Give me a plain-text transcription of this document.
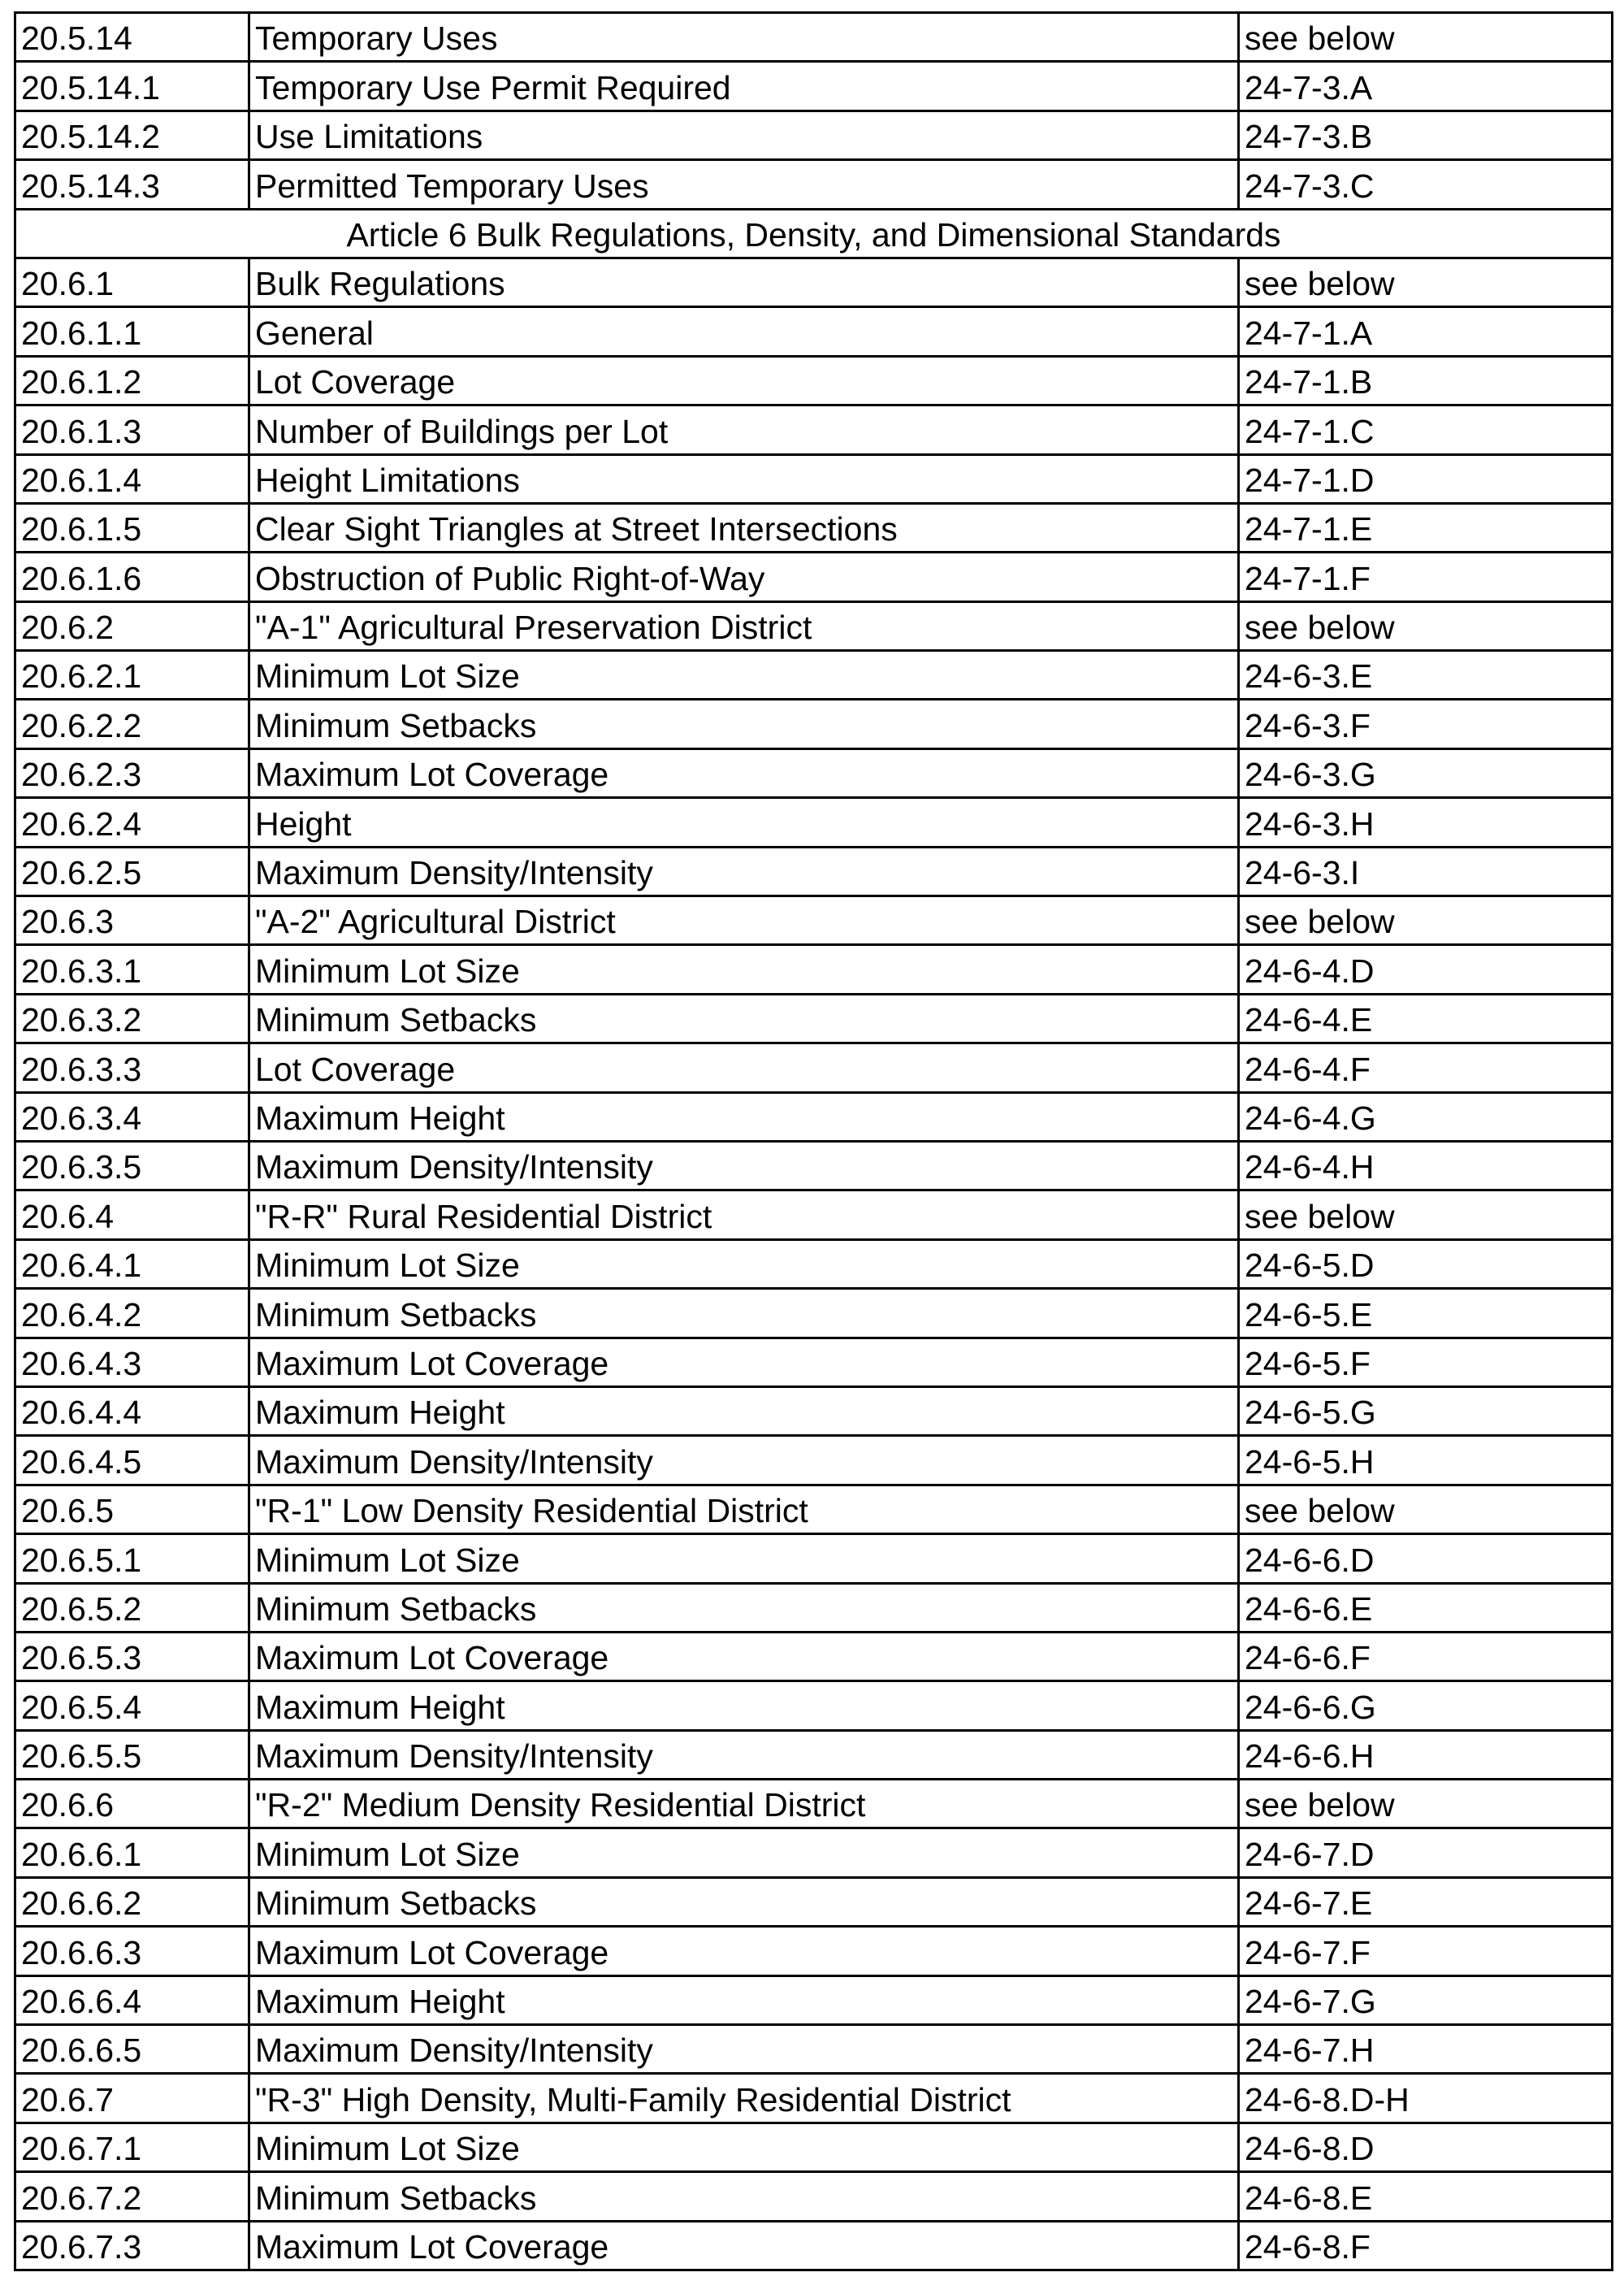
20.5.14	Temporary Uses	see below
20.5.14.1	Temporary Use Permit Required	24-7-3.A
20.5.14.2	Use Limitations	24-7-3.B
20.5.14.3	Permitted Temporary Uses	24-7-3.C
Article 6 Bulk Regulations, Density, and Dimensional Standards		
20.6.1	Bulk Regulations	see below
20.6.1.1	General	24-7-1.A
20.6.1.2	Lot Coverage	24-7-1.B
20.6.1.3	Number of Buildings per Lot	24-7-1.C
20.6.1.4	Height Limitations	24-7-1.D
20.6.1.5	Clear Sight Triangles at Street Intersections	24-7-1.E
20.6.1.6	Obstruction of Public Right-of-Way	24-7-1.F
20.6.2	"A-1" Agricultural Preservation District	see below
20.6.2.1	Minimum Lot Size	24-6-3.E
20.6.2.2	Minimum Setbacks	24-6-3.F
20.6.2.3	Maximum Lot Coverage	24-6-3.G
20.6.2.4	Height	24-6-3.H
20.6.2.5	Maximum Density/Intensity	24-6-3.I
20.6.3	"A-2" Agricultural District	see below
20.6.3.1	Minimum Lot Size	24-6-4.D
20.6.3.2	Minimum Setbacks	24-6-4.E
20.6.3.3	Lot Coverage	24-6-4.F
20.6.3.4	Maximum Height	24-6-4.G
20.6.3.5	Maximum Density/Intensity	24-6-4.H
20.6.4	"R-R" Rural Residential District	see below
20.6.4.1	Minimum Lot Size	24-6-5.D
20.6.4.2	Minimum Setbacks	24-6-5.E
20.6.4.3	Maximum Lot Coverage	24-6-5.F
20.6.4.4	Maximum Height	24-6-5.G
20.6.4.5	Maximum Density/Intensity	24-6-5.H
20.6.5	"R-1" Low Density Residential District	see below
20.6.5.1	Minimum Lot Size	24-6-6.D
20.6.5.2	Minimum Setbacks	24-6-6.E
20.6.5.3	Maximum Lot Coverage	24-6-6.F
20.6.5.4	Maximum Height	24-6-6.G
20.6.5.5	Maximum Density/Intensity	24-6-6.H
20.6.6	"R-2" Medium Density Residential District	see below
20.6.6.1	Minimum Lot Size	24-6-7.D
20.6.6.2	Minimum Setbacks	24-6-7.E
20.6.6.3	Maximum Lot Coverage	24-6-7.F
20.6.6.4	Maximum Height	24-6-7.G
20.6.6.5	Maximum Density/Intensity	24-6-7.H
20.6.7	"R-3" High Density, Multi-Family Residential District	24-6-8.D-H
20.6.7.1	Minimum Lot Size	24-6-8.D
20.6.7.2	Minimum Setbacks	24-6-8.E
20.6.7.3	Maximum Lot Coverage	24-6-8.F
